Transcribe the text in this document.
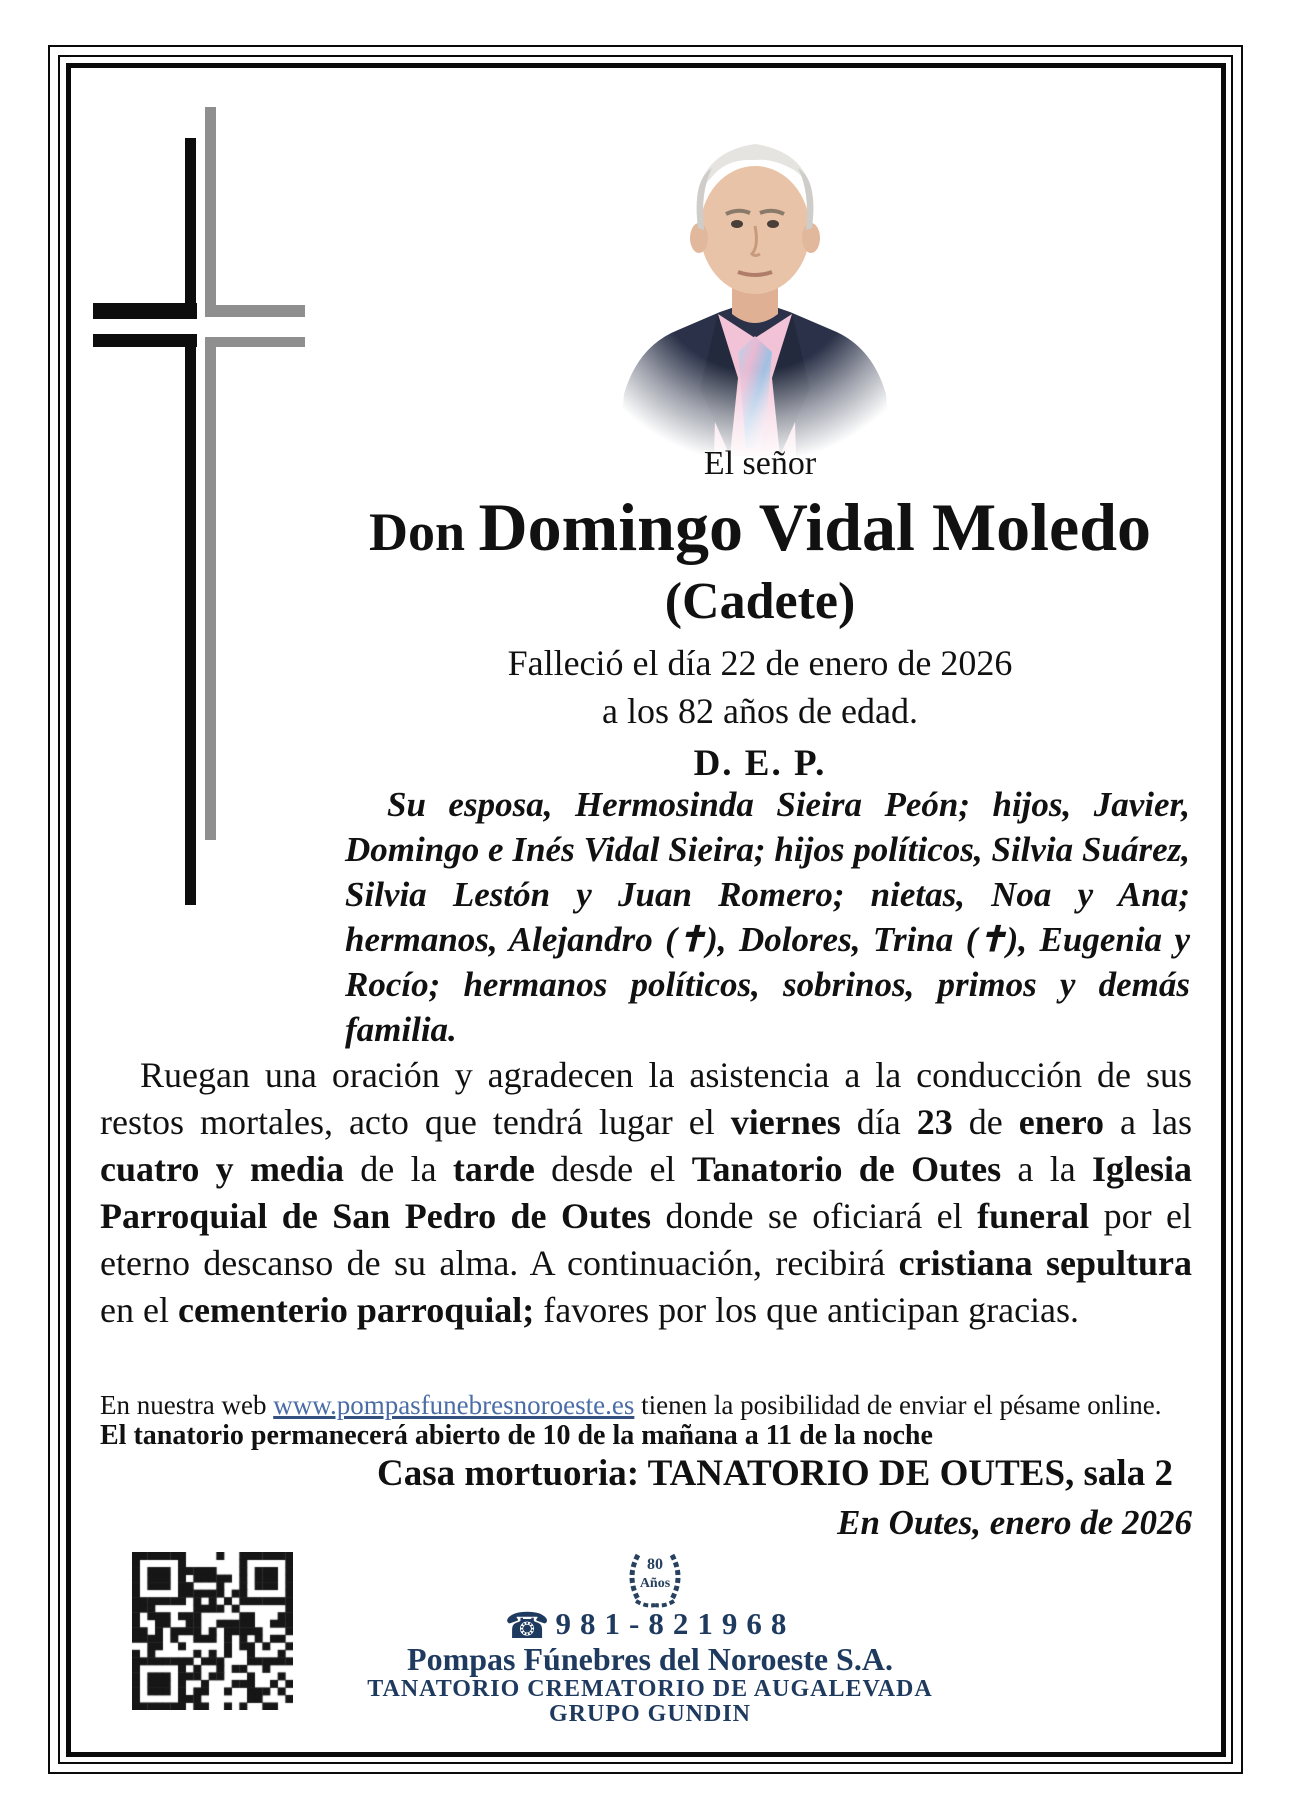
El señor
Don Domingo Vidal Moledo
(Cadete)
Falleció el día 22 de enero de 2026
a los 82 años de edad.
D. E. P.
Su esposa, Hermosinda Sieira Peón; hijos, Javier, Domingo e Inés Vidal Sieira; hijos políticos, Silvia Suárez, Silvia Lestón y Juan Romero; nietas, Noa y Ana; hermanos, Alejandro (✝), Dolores, Trina (✝), Eugenia y Rocío; hermanos políticos, sobrinos, primos y demás familia.
Ruegan una oración y agradecen la asistencia a la conducción de sus restos mortales, acto que tendrá lugar el viernes día 23 de enero a las cuatro y media de la tarde desde el Tanatorio de Outes a la Iglesia Parroquial de San Pedro de Outes donde se oficiará el funeral por el eterno descanso de su alma. A continuación, recibirá cristiana sepultura en el cementerio parroquial; favores por los que anticipan gracias.
En nuestra web www.pompasfunebresnoroeste.es tienen la posibilidad de enviar el pésame online.
El tanatorio permanecerá abierto de 10 de la mañana a 11 de la noche
Casa mortuoria: TANATORIO DE OUTES, sala 2
En Outes, enero de 2026
80
Años
☎ 981-821968
Pompas Fúnebres del Noroeste S.A.
TANATORIO CREMATORIO DE AUGALEVADA
GRUPO GUNDIN
